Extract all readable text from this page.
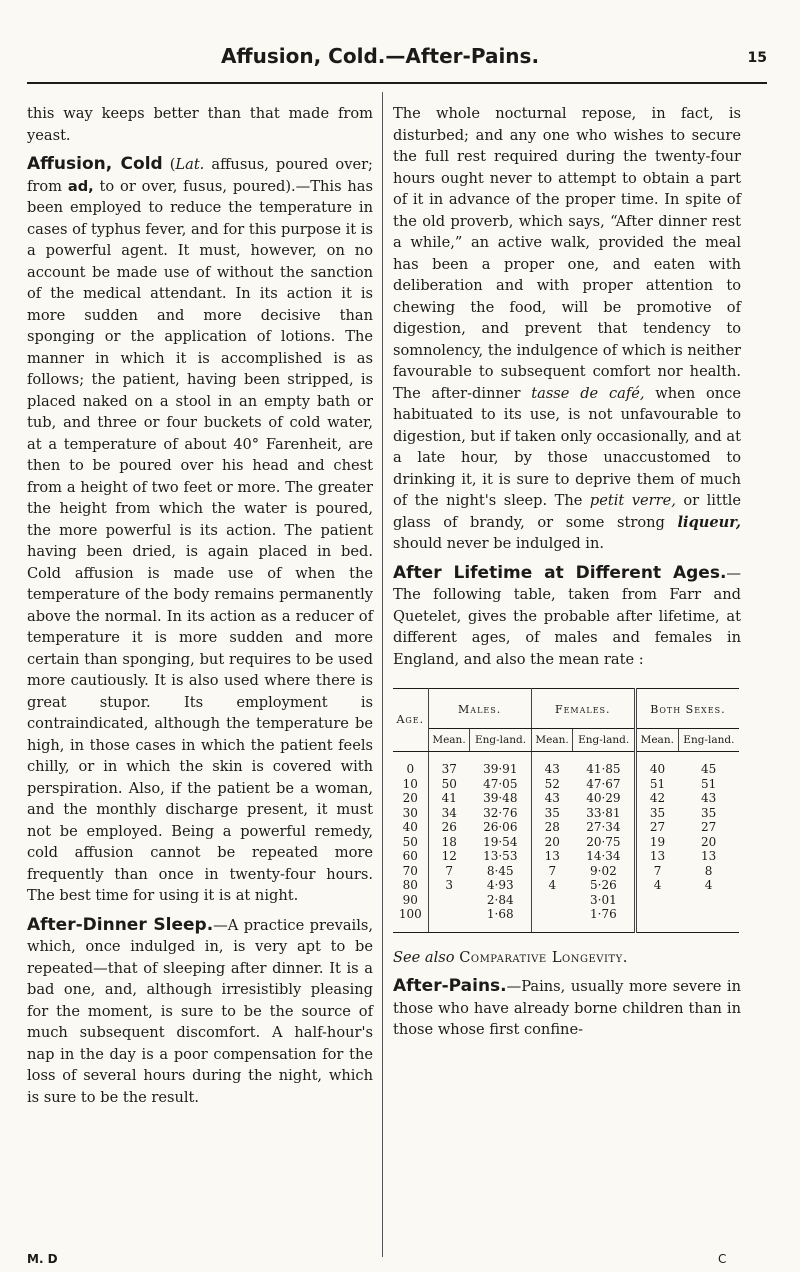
Affusion, Cold.—After-Pains.	15

this way keeps better than that made from yeast.

Affusion, Cold (Lat. affusus, poured over; from ad, to or over, fusus, poured).—This has been employed to reduce the temperature in cases of typhus fever, and for this purpose it is a powerful agent. It must, however, on no account be made use of without the sanction of the medical attendant. In its action it is more sudden and more decisive than sponging or the application of lotions. The manner in which it is accomplished is as follows; the patient, having been stripped, is placed naked on a stool in an empty bath or tub, and three or four buckets of cold water, at a temperature of about 40° Farenheit, are then to be poured over his head and chest from a height of two feet or more. The greater the height from which the water is poured, the more powerful is its action. The patient having been dried, is again placed in bed. Cold affusion is made use of when the temperature of the body remains permanently above the normal. In its action as a reducer of temperature it is more sudden and more certain than sponging, but requires to be used more cautiously. It is also used where there is great stupor. Its employment is contraindicated, although the temperature be high, in those cases in which the patient feels chilly, or in which the skin is covered with perspiration. Also, if the patient be a woman, and the monthly discharge present, it must not be employed. Being a powerful remedy, cold affusion cannot be repeated more frequently than once in twenty-four hours. The best time for using it is at night.

After-Dinner Sleep.—A practice prevails, which, once indulged in, is very apt to be repeated—that of sleeping after dinner. It is a bad one, and, although irresistibly pleasing for the moment, is sure to be the source of much subsequent discomfort. A half-hour's nap in the day is a poor compensation for the loss of several hours during the night, which is sure to be the result.

The whole nocturnal repose, in fact, is disturbed; and any one who wishes to secure the full rest required during the twenty-four hours ought never to attempt to obtain a part of it in advance of the proper time. In spite of the old proverb, which says, “After dinner rest a while,” an active walk, provided the meal has been a proper one, and eaten with deliberation and with proper attention to chewing the food, will be promotive of digestion, and prevent that tendency to somnolency, the indulgence of which is neither favourable to subsequent comfort nor health. The after-dinner tasse de café, when once habituated to its use, is not unfavourable to digestion, but if taken only occasionally, and at a late hour, by those unaccustomed to drinking it, it is sure to deprive them of much of the night's sleep. The petit verre, or little glass of brandy, or some strong liqueur, should never be indulged in.

After Lifetime at Different Ages.—The following table, taken from Farr and Quetelet, gives the probable after lifetime, at different ages, of males and females in England, and also the mean rate :

Age.	Males.		Females.		Both Sexes.	
	Mean.	Eng-land.	Mean.	Eng-land.	Mean.	Eng-land.
0	37	39·91	43	41·85	40	45
10	50	47·05	52	47·67	51	51
20	41	39·48	43	40·29	42	43
30	34	32·76	35	33·81	35	35
40	26	26·06	28	27·34	27	27
50	18	19·54	20	20·75	19	20
60	12	13·53	13	14·34	13	13
70	7	8·45	7	9·02	7	8
80	3	4·93	4	5·26	4	4
90		2·84		3·01		
100		1·68		1·76		

See also Comparative Longevity.

After-Pains.—Pains, usually more severe in those who have already borne children than in those whose first confine-

M. D	C
